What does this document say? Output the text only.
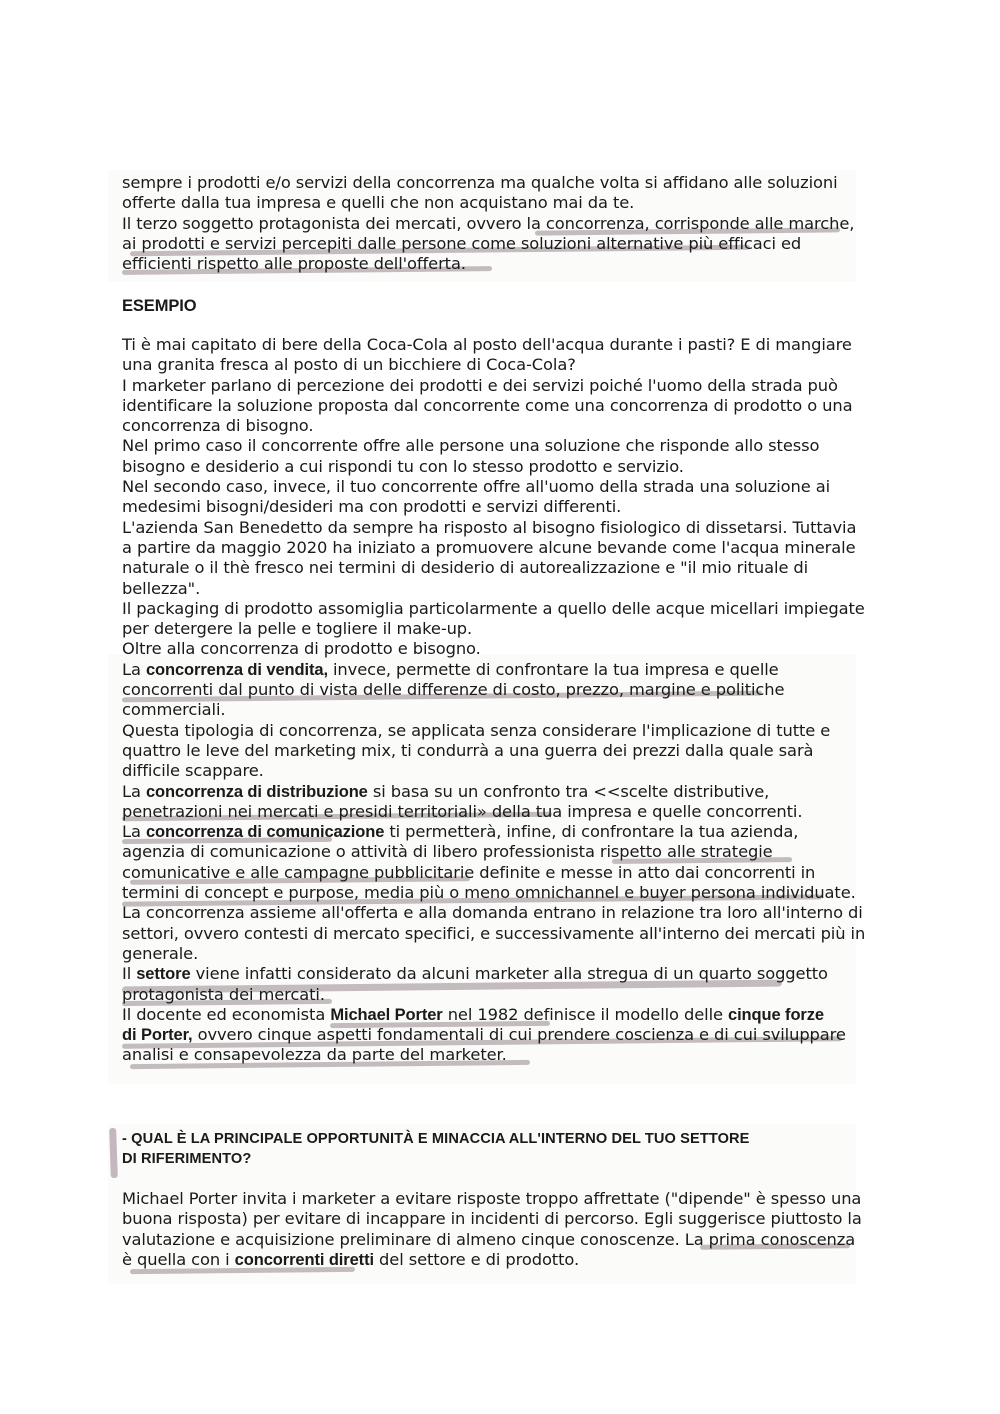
sempre i prodotti e/o servizi della concorrenza ma qualche volta si affidano alle soluzioni

offerte dalla tua impresa e quelli che non acquistano mai da te.

Il terzo soggetto protagonista dei mercati, ovvero la concorrenza, corrisponde alle marche,

ai prodotti e servizi percepiti dalle persone come soluzioni alternative più efficaci ed

efficienti rispetto alle proposte dell'offerta.

ESEMPIO

Ti è mai capitato di bere della Coca-Cola al posto dell'acqua durante i pasti? E di mangiare

una granita fresca al posto di un bicchiere di Coca-Cola?

I marketer parlano di percezione dei prodotti e dei servizi poiché l'uomo della strada può

identificare la soluzione proposta dal concorrente come una concorrenza di prodotto o una

concorrenza di bisogno.

Nel primo caso il concorrente offre alle persone una soluzione che risponde allo stesso

bisogno e desiderio a cui rispondi tu con lo stesso prodotto e servizio.

Nel secondo caso, invece, il tuo concorrente offre all'uomo della strada una soluzione ai

medesimi bisogni/desideri ma con prodotti e servizi differenti.

L'azienda San Benedetto da sempre ha risposto al bisogno fisiologico di dissetarsi. Tuttavia

a partire da maggio 2020 ha iniziato a promuovere alcune bevande come l'acqua minerale

naturale o il thè fresco nei termini di desiderio di autorealizzazione e "il mio rituale di

bellezza".

Il packaging di prodotto assomiglia particolarmente a quello delle acque micellari impiegate

per detergere la pelle e togliere il make-up.

Oltre alla concorrenza di prodotto e bisogno.

La concorrenza di vendita, invece, permette di confrontare la tua impresa e quelle

concorrenti dal punto di vista delle differenze di costo, prezzo, margine e politiche

commerciali.

Questa tipologia di concorrenza, se applicata senza considerare l'implicazione di tutte e

quattro le leve del marketing mix, ti condurrà a una guerra dei prezzi dalla quale sarà

difficile scappare.

La concorrenza di distribuzione si basa su un confronto tra <<scelte distributive,

penetrazioni nei mercati e presidi territoriali» della tua impresa e quelle concorrenti.

La concorrenza di comunicazione ti permetterà, infine, di confrontare la tua azienda,

agenzia di comunicazione o attività di libero professionista rispetto alle strategie

comunicative e alle campagne pubblicitarie definite e messe in atto dai concorrenti in

termini di concept e purpose, media più o meno omnichannel e buyer persona individuate.

La concorrenza assieme all'offerta e alla domanda entrano in relazione tra loro all'interno di

settori, ovvero contesti di mercato specifici, e successivamente all'interno dei mercati più in

generale.

Il settore viene infatti considerato da alcuni marketer alla stregua di un quarto soggetto

protagonista dei mercati.

Il docente ed economista Michael Porter nel 1982 definisce il modello delle cinque forze

di Porter, ovvero cinque aspetti fondamentali di cui prendere coscienza e di cui sviluppare

analisi e consapevolezza da parte del marketer.

- QUAL È LA PRINCIPALE OPPORTUNITÀ E MINACCIA ALL'INTERNO DEL TUO SETTORE

DI RIFERIMENTO?

Michael Porter invita i marketer a evitare risposte troppo affrettate ("dipende" è spesso una

buona risposta) per evitare di incappare in incidenti di percorso. Egli suggerisce piuttosto la

valutazione e acquisizione preliminare di almeno cinque conoscenze. La prima conoscenza

è quella con i concorrenti diretti del settore e di prodotto.
